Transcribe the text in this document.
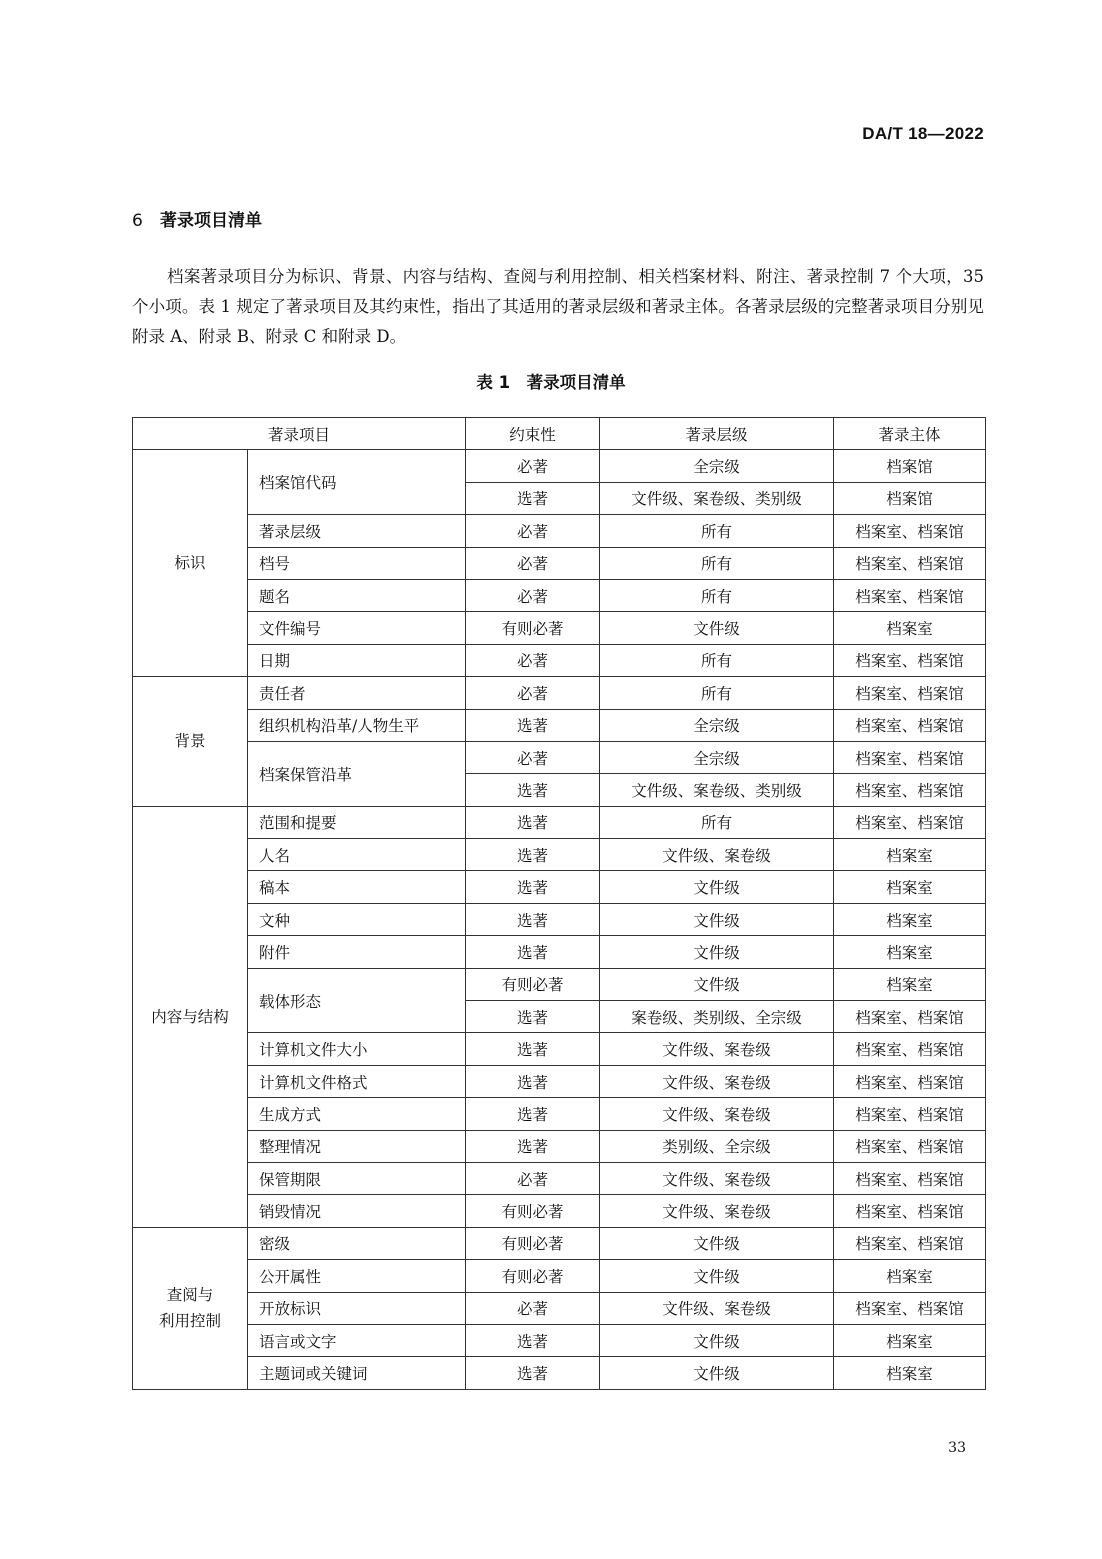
DA/T 18—2022
6 著录项目清单
档案著录项目分为标识、背景、内容与结构、查阅与利用控制、相关档案材料、附注、著录控制 7 个大项，35 个小项。表 1 规定了著录项目及其约束性，指出了其适用的著录层级和著录主体。各著录层级的完整著录项目分别见附录 A、附录 B、附录 C 和附录 D。
表 1　著录项目清单
著录项目		约束性	著录层级	著录主体
标识	档案馆代码	必著	全宗级	档案馆
		选著	文件级、案卷级、类别级	档案馆
	著录层级	必著	所有	档案室、档案馆
	档号	必著	所有	档案室、档案馆
	题名	必著	所有	档案室、档案馆
	文件编号	有则必著	文件级	档案室
	日期	必著	所有	档案室、档案馆
背景	责任者	必著	所有	档案室、档案馆
	组织机构沿革/人物生平	选著	全宗级	档案室、档案馆
	档案保管沿革	必著	全宗级	档案室、档案馆
		选著	文件级、案卷级、类别级	档案室、档案馆
内容与结构	范围和提要	选著	所有	档案室、档案馆
	人名	选著	文件级、案卷级	档案室
	稿本	选著	文件级	档案室
	文种	选著	文件级	档案室
	附件	选著	文件级	档案室
	载体形态	有则必著	文件级	档案室
		选著	案卷级、类别级、全宗级	档案室、档案馆
	计算机文件大小	选著	文件级、案卷级	档案室、档案馆
	计算机文件格式	选著	文件级、案卷级	档案室、档案馆
	生成方式	选著	文件级、案卷级	档案室、档案馆
	整理情况	选著	类别级、全宗级	档案室、档案馆
	保管期限	必著	文件级、案卷级	档案室、档案馆
	销毁情况	有则必著	文件级、案卷级	档案室、档案馆
查阅与
利用控制	密级	有则必著	文件级	档案室、档案馆
	公开属性	有则必著	文件级	档案室
	开放标识	必著	文件级、案卷级	档案室、档案馆
	语言或文字	选著	文件级	档案室
	主题词或关键词	选著	文件级	档案室
33
